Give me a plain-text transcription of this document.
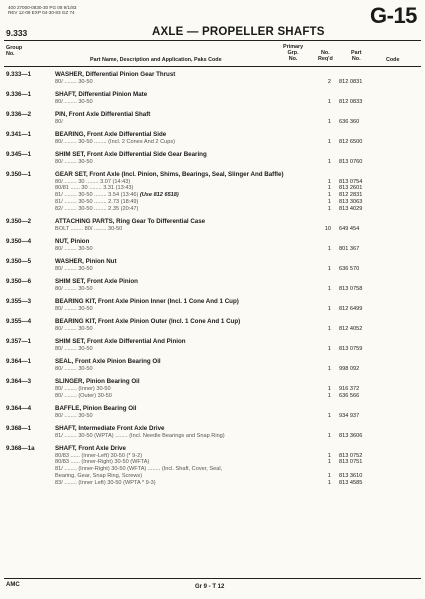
400 27000-0830-30 PG 08 9/1/83
REV 12-09 EXP 04-30-83 GZ 74	G-15
9.333	AXLE — PROPELLER SHAFTS
Group
No.
Part Name, Description and Application, Paks Code
Primary
Grp.
No.
No.
Req'd
Part
No.	Code
9.333—1	WASHER, Differential Pinion Gear Thrust
80/ ........ 30-50	2 812 0831
9.336—1	SHAFT, Differential Pinion Mate
80/ ........ 30-50	1 812 0833
9.336—2	PIN, Front Axle Differential Shaft
80/	1 636 360
9.341—1	BEARING, Front Axle Differential Side
80/ ........ 30-50 ........ (Incl. 2 Cones And 2 Cups)	1 812 6500
9.345—1	SHIM SET, Front Axle Differential Side Gear Bearing
80/ ........ 30-50	1 813 0760
9.350—1	GEAR SET, Front Axle (Incl. Pinion, Shims, Bearings, Seal, Slinger And Baffle)
80/ ........ 30 ........ 3.07 (14:43)	1 813 0754
80/81 ...... 30 ........ 3.31 (13:43)	1 813 2601
81/ ........ 30-50 ........ 3.54 (13:46) (Use 812 6518)	1 812 2831
81/ ........ 30-50 ........ 2.73 (18:49)	1 813 3063
82/ ........ 30-50 ........ 2.35 (20:47)	1 813 4029
9.350—2	ATTACHING PARTS, Ring Gear To Differential Case
BOLT ........ 80/ ........ 30-50	10 649 454
9.350—4	NUT, Pinion
80/ ........ 30-50	1 801 367
9.350—5	WASHER, Pinion Nut
80/ ........ 30-50	1 636 570
9.350—6	SHIM SET, Front Axle Pinion
80/ ........ 30-50	1 813 0758
9.355—3	BEARING KIT, Front Axle Pinion Inner (Incl. 1 Cone And 1 Cup)
80/ ........ 30-50	1 812 6499
9.355—4	BEARING KIT, Front Axle Pinion Outer (Incl. 1 Cone And 1 Cup)
80/ ........ 30-50	1 812 4052
9.357—1	SHIM SET, Front Axle Differential And Pinion
80/ ........ 30-50	1 813 0759
9.364—1	SEAL, Front Axle Pinion Bearing Oil
80/ ........ 30-50	1 998 092
9.364—3	SLINGER, Pinion Bearing Oil
80/ ........ (Inner) 30-50	1 916 372
80/ ........ (Outer) 30-50	1 636 566
9.364—4	BAFFLE, Pinion Bearing Oil
80/ ........ 30-50	1 934 937
9.368—1	SHAFT, Intermediate Front Axle Drive
81/ ........ 30-50 (WPTA) ........ (Incl. Needle Bearings and Snap Ring)	1 813 3606
9.368—1a	SHAFT, Front Axle Drive
80/83 ...... (Inner-Left) 30-50 (* 9-2)	1 813 0752
80/83 ...... (Inner-Right) 30-50 (WFTA)	1 813 0751
81/ ........ (Inner-Right) 30-50 (WFTA) ........ (Incl. Shaft, Cover, Seal,
Bearing, Gear, Snap Ring, Screws)	1 813 3610
83/ ........ (Inner Left) 30-50 (WPTA * 9-3)	1 813 4585
AMC	Gr 9 - T 12
